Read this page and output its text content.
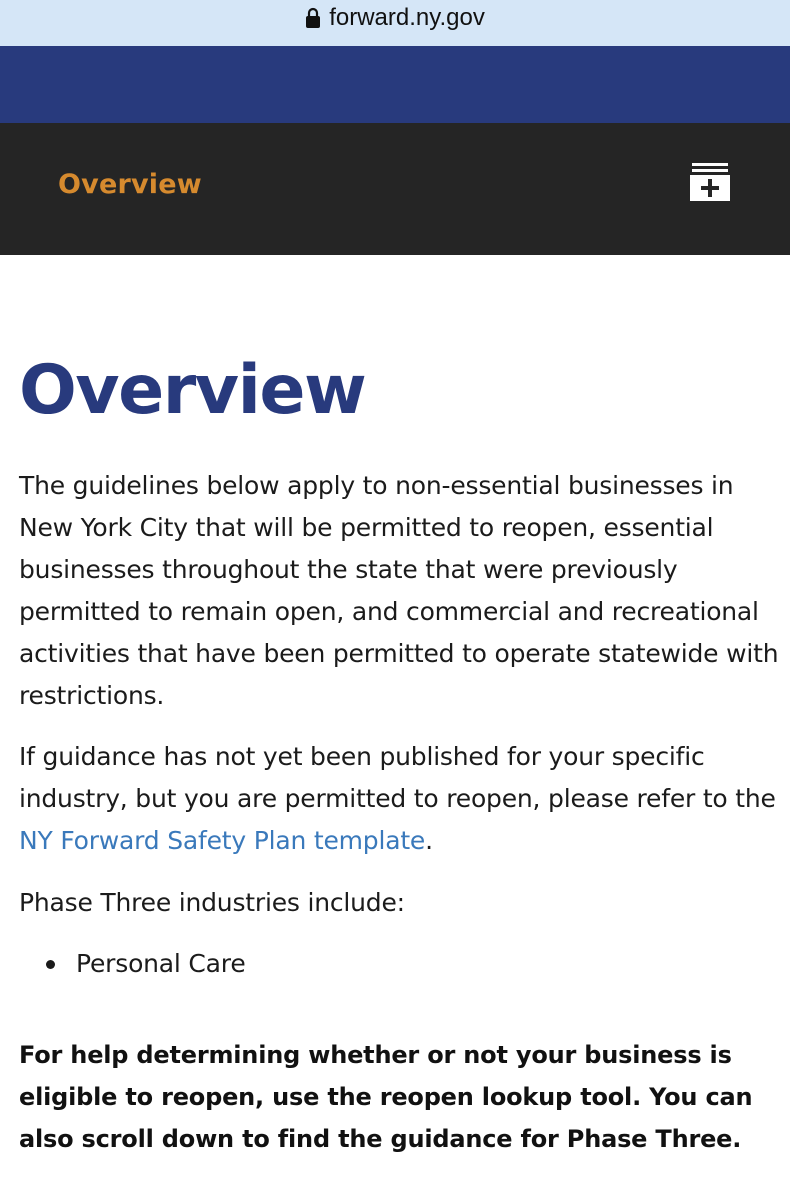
forward.ny.gov
Overview
Overview

The guidelines below apply to non-essential businesses in New York City that will be permitted to reopen, essential businesses throughout the state that were previously permitted to remain open, and commercial and recreational activities that have been permitted to operate statewide with restrictions.

If guidance has not yet been published for your specific industry, but you are permitted to reopen, please refer to the NY Forward Safety Plan template.

Phase Three industries include:

Personal Care

For help determining whether or not your business is eligible to reopen, use the reopen lookup tool. You can also scroll down to find the guidance for Phase Three.
